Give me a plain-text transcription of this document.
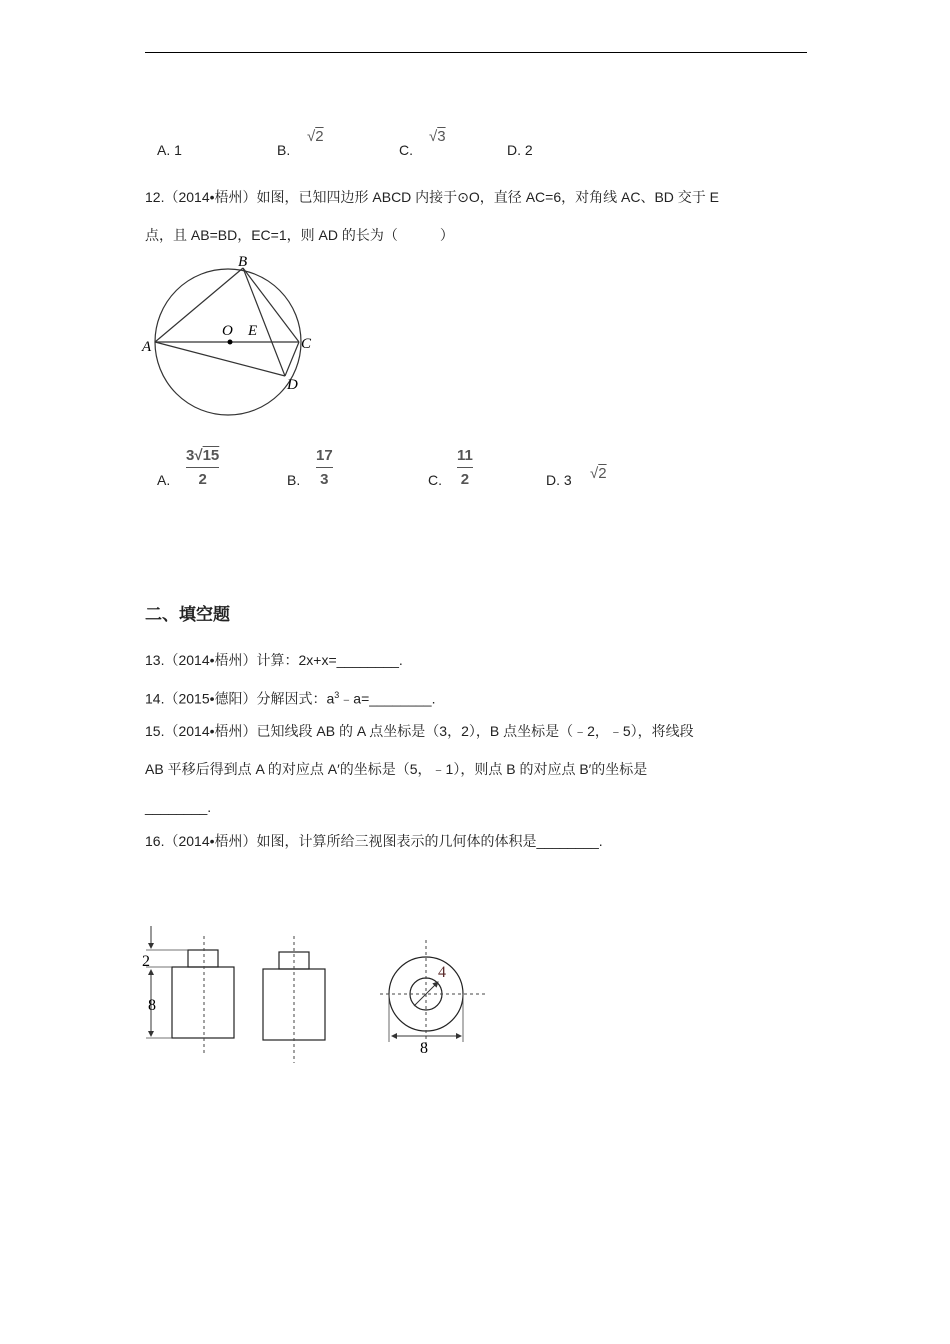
A. 1	B.
√2
C.
√3
D. 2
12.（2014•梧州）如图，已知四边形 ABCD 内接于⊙O，直径 AC=6，对角线 AC、BD 交于 E
点，且 AB=BD，EC=1，则 AD 的长为（　　　）
A
B
C
D
O E
A.
3√15
2	B.
17
3	C.
11
2	D. 3 √2
二、填空题
13.（2014•梧州）计算：2x+x=________.
14.（2015•德阳）分解因式：$a^3﹣a=\_\_\_\_\_\_\_\_$.
15.（2014•梧州）已知线段 AB 的 A 点坐标是（3，2），B 点坐标是（﹣2，﹣5），将线段
AB 平移后得到点 A 的对应点 A′的坐标是（5，﹣1），则点 B 的对应点 B′的坐标是
________.
16.（2014•梧州）如图，计算所给三视图表示的几何体的体积是________.
2
8
4
8
